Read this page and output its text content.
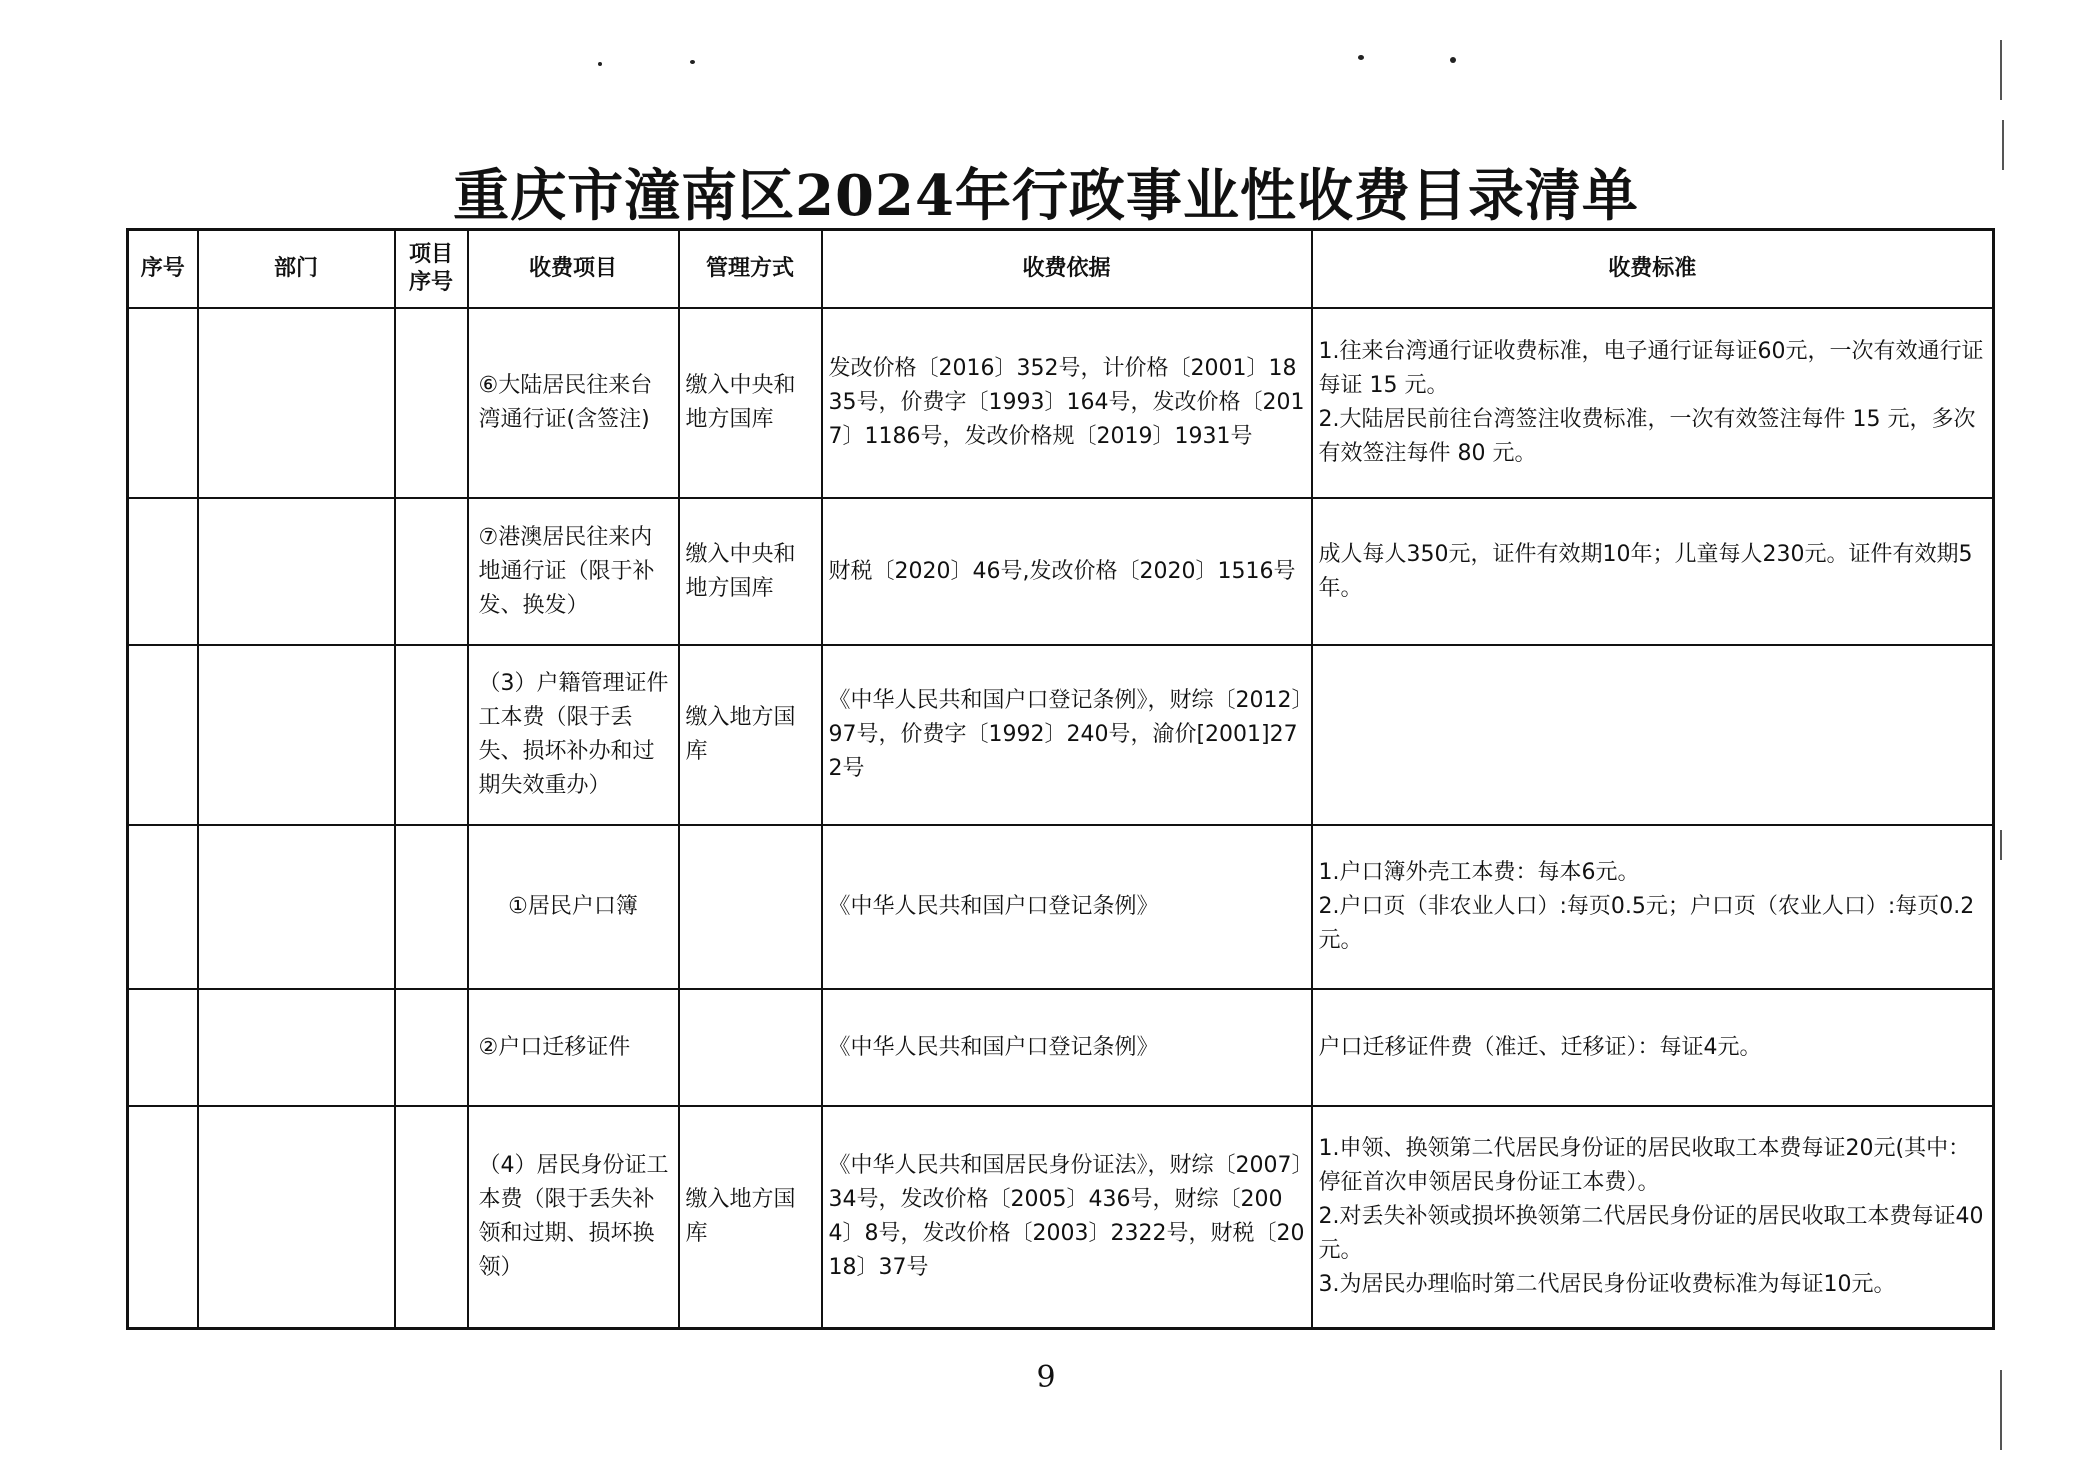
重庆市潼南区2024年行政事业性收费目录清单
序号	部门	项目序号	收费项目	管理方式	收费依据	收费标准

			⑥大陆居民往来台湾通行证(含签注)	缴入中央和地方国库	发改价格〔2016〕352号，计价格〔2001〕1835号，价费字〔1993〕164号，发改价格〔2017〕1186号，发改价格规〔2019〕1931号	1.往来台湾通行证收费标准，电子通行证每证60元，一次有效通行证每证 15 元。
2.大陆居民前往台湾签注收费标准，一次有效签注每件 15 元，多次有效签注每件 80 元。

			⑦港澳居民往来内地通行证（限于补发、换发）	缴入中央和地方国库	财税〔2020〕46号,发改价格〔2020〕1516号	成人每人350元，证件有效期10年；儿童每人230元。证件有效期5年。

			（3）户籍管理证件工本费（限于丢失、损坏补办和过期失效重办）	缴入地方国库	《中华人民共和国户口登记条例》，财综〔2012〕97号，价费字〔1992〕240号，渝价[2001]272号	

			①居民户口簿		《中华人民共和国户口登记条例》	1.户口簿外壳工本费：每本6元。
2.户口页（非农业人口）:每页0.5元；户口页（农业人口）:每页0.2元。

			②户口迁移证件		《中华人民共和国户口登记条例》	户口迁移证件费（准迁、迁移证）：每证4元。

			（4）居民身份证工本费（限于丢失补领和过期、损坏换领）	缴入地方国库	《中华人民共和国居民身份证法》，财综〔2007〕34号，发改价格〔2005〕436号，财综〔2004〕8号，发改价格〔2003〕2322号，财税〔2018〕37号	1.申领、换领第二代居民身份证的居民收取工本费每证20元(其中：停征首次申领居民身份证工本费）。
2.对丢失补领或损坏换领第二代居民身份证的居民收取工本费每证40元。
3.为居民办理临时第二代居民身份证收费标准为每证10元。
9
